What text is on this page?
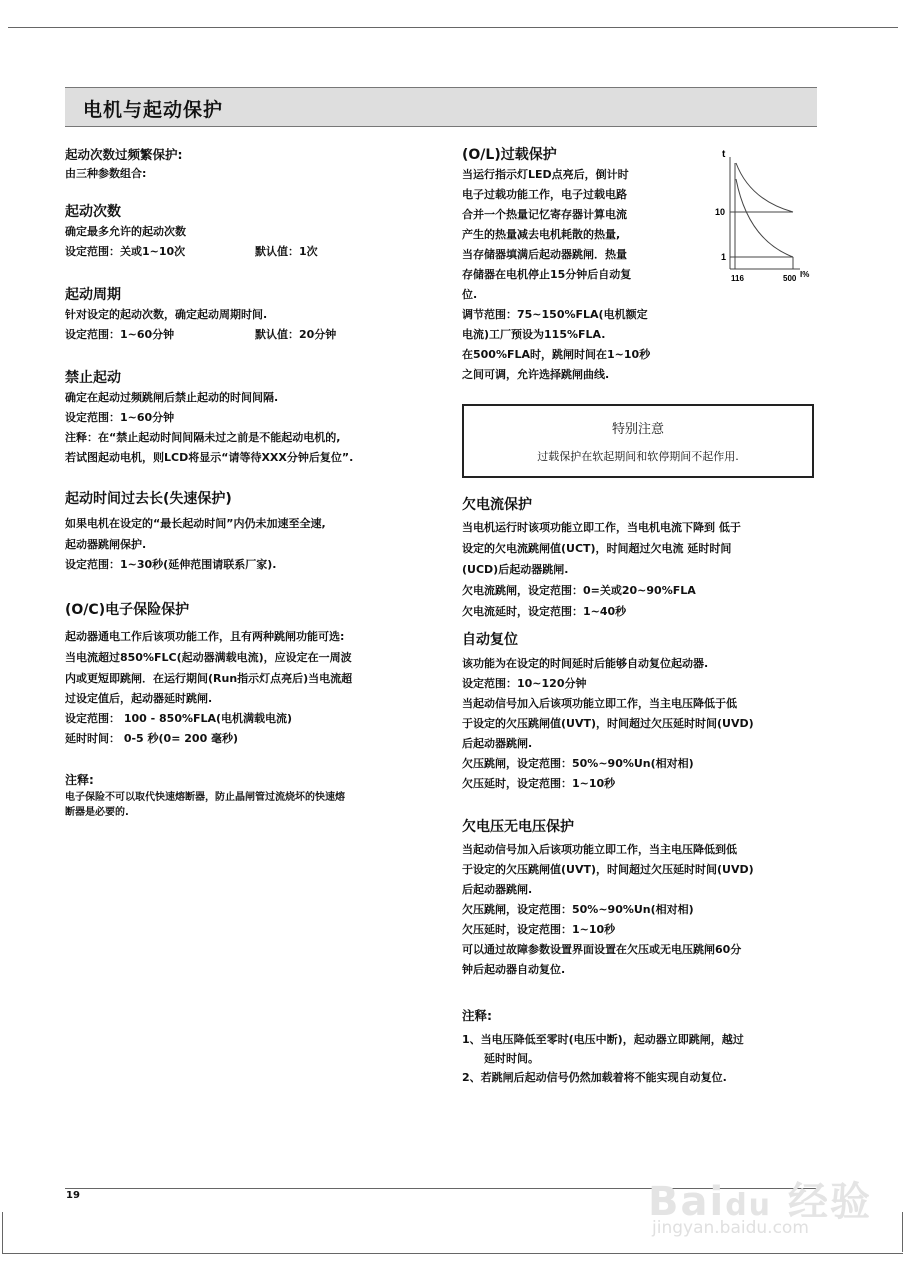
电机与起动保护
起动次数过频繁保护:
由三种参数组合:
起动次数
确定最多允许的起动次数
设定范围：关或1~10次	默认值：1次
起动周期
针对设定的起动次数，确定起动周期时间.
设定范围：1~60分钟	默认值：20分钟
禁止起动
确定在起动过频跳闸后禁止起动的时间间隔.
设定范围：1~60分钟
注释：在“禁止起动时间间隔未过之前是不能起动电机的,
若试图起动电机，则LCD将显示“请等待XXX分钟后复位”.
起动时间过去长(失速保护)
如果电机在设定的“最长起动时间”内仍未加速至全速,
起动器跳闸保护.
设定范围：1~30秒(延伸范围请联系厂家).
(O/C)电子保险保护
起动器通电工作后该项功能工作，且有两种跳闸功能可选:
当电流超过850%FLC(起动器满载电流)，应设定在一周波
内或更短即跳闸．在运行期间(Run指示灯点亮后)当电流超
过设定值后，起动器延时跳闸.
设定范围： 100 - 850%FLA(电机满载电流)
延时时间： 0-5 秒(0= 200 毫秒)
注释:
电子保险不可以取代快速熔断器，防止晶闸管过流烧坏的快速熔
断器是必要的.
(O/L)过载保护
当运行指示灯LED点亮后，倒计时
电子过载功能工作，电子过载电路
合并一个热量记忆寄存器计算电流
产生的热量减去电机耗散的热量,
当存储器填满后起动器跳闸．热量
存储器在电机停止15分钟后自动复
位.
调节范围：75~150%FLA(电机额定
电流)工厂预设为115%FLA.
在500%FLA时，跳闸时间在1~10秒
之间可调，允许选择跳闸曲线.
t
10
1
116	500 I%
特别注意
过载保护在软起期间和软停期间不起作用.
欠电流保护
当电机运行时该项功能立即工作，当电机电流下降到 低于
设定的欠电流跳闸值(UCT)，时间超过欠电流 延时时间
(UCD)后起动器跳闸.
欠电流跳闸，设定范围：0=关或20~90%FLA
欠电流延时，设定范围：1~40秒
自动复位
该功能为在设定的时间延时后能够自动复位起动器.
设定范围：10~120分钟
当起动信号加入后该项功能立即工作，当主电压降低于低
于设定的欠压跳闸值(UVT)，时间超过欠压延时时间(UVD)
后起动器跳闸.
欠压跳闸，设定范围：50%~90%Un(相对相)
欠压延时，设定范围：1~10秒
欠电压无电压保护
当起动信号加入后该项功能立即工作，当主电压降低到低
于设定的欠压跳闸值(UVT)，时间超过欠压延时时间(UVD)
后起动器跳闸.
欠压跳闸，设定范围：50%~90%Un(相对相)
欠压延时，设定范围：1~10秒
可以通过故障参数设置界面设置在欠压或无电压跳闸60分
钟后起动器自动复位.
注释:
1、当电压降低至零时(电压中断)，起动器立即跳闸，越过
延时时间。
2、若跳闸后起动信号仍然加载着将不能实现自动复位.
19	Baidu 经验
jingyan.baidu.com
